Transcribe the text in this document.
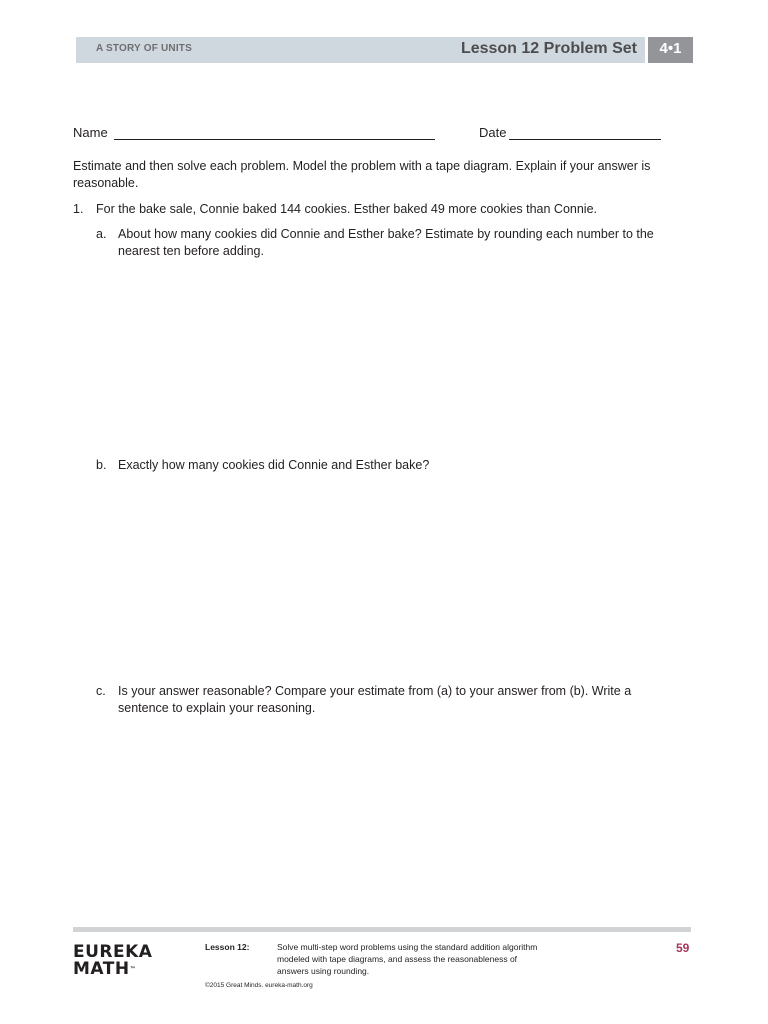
A STORY OF UNITS	Lesson 12 Problem Set	4•1
Name	Date
Estimate and then solve each problem. Model the problem with a tape diagram. Explain if your answer is
reasonable.
1. For the bake sale, Connie baked 144 cookies. Esther baked 49 more cookies than Connie.
a. About how many cookies did Connie and Esther bake? Estimate by rounding each number to the
nearest ten before adding.
b. Exactly how many cookies did Connie and Esther bake?
c. Is your answer reasonable? Compare your estimate from (a) to your answer from (b). Write a
sentence to explain your reasoning.
EUREKA
MATH™
Lesson 12:	Solve multi-step word problems using the standard addition algorithm
modeled with tape diagrams, and assess the reasonableness of
answers using rounding.
©2015 Great Minds. eureka-math.org
59
